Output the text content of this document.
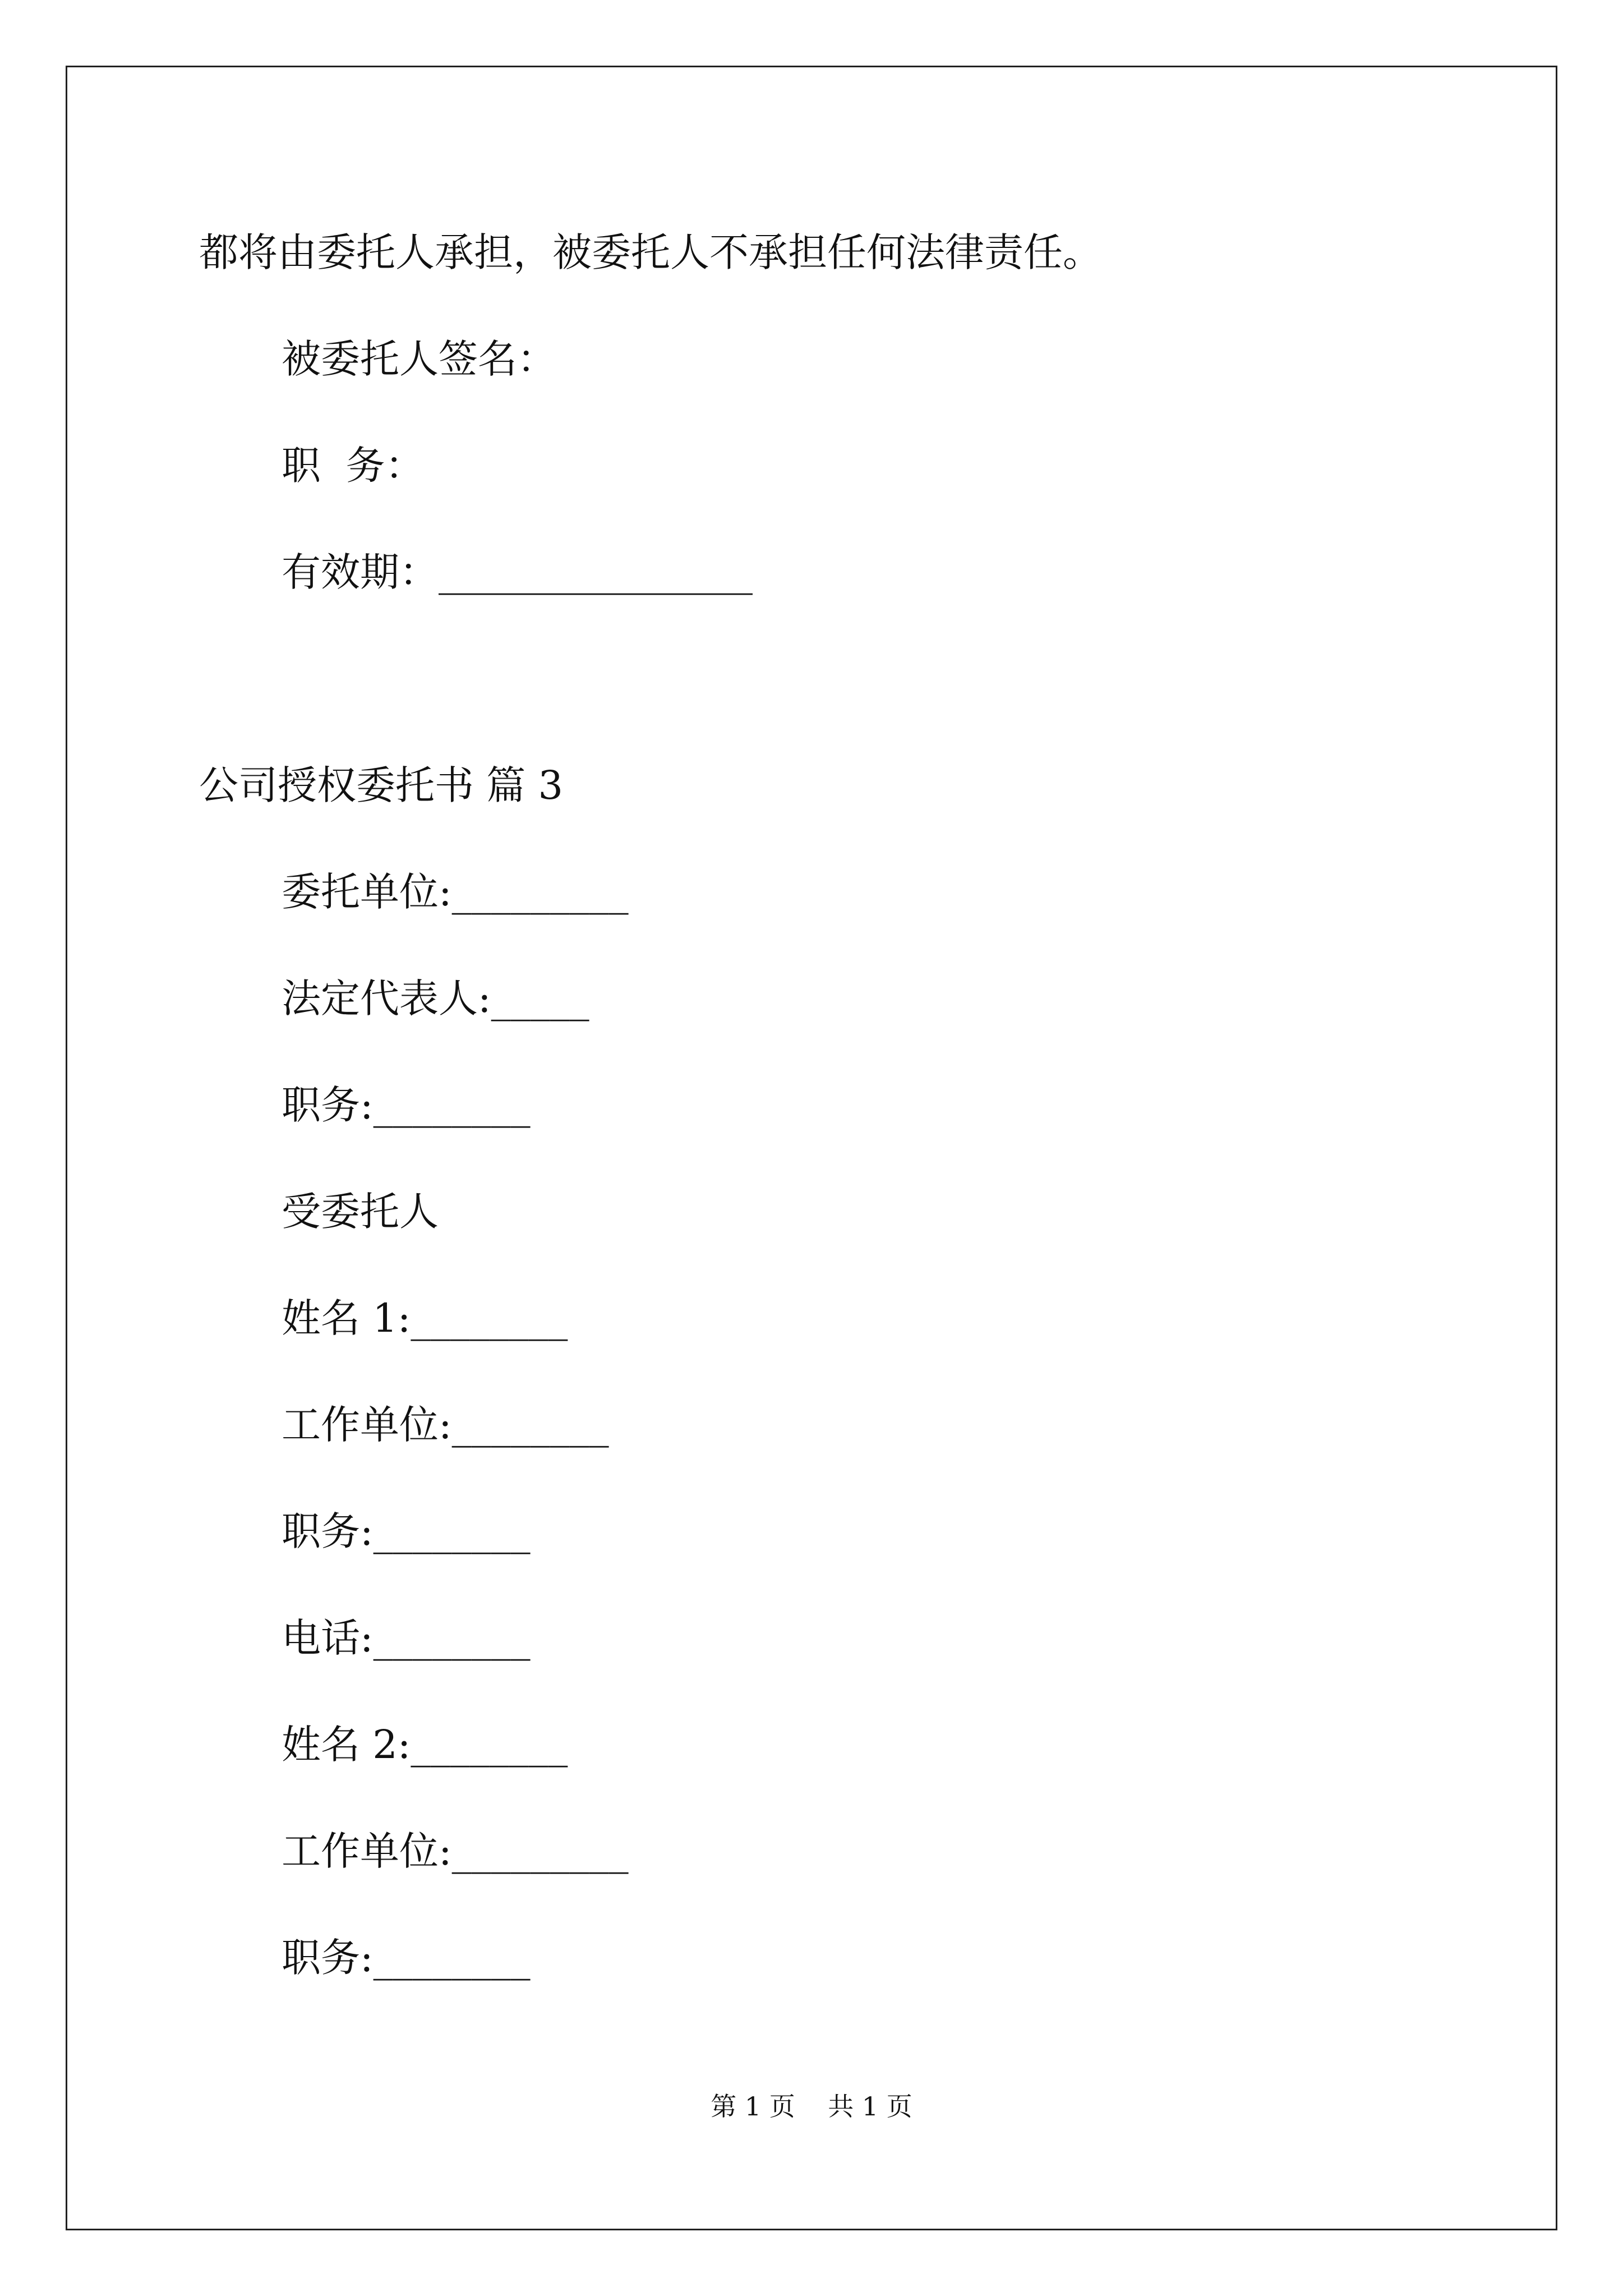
都将由委托人承担，被委托人不承担任何法律责任。
被委托人签名：
职  务：
有效期：________________
公司授权委托书 篇 3
委托单位:_________
法定代表人:_____
职务:________
受委托人
姓名 1:________
工作单位:________
职务:________
电话:________
姓名 2:________
工作单位:_________
职务:________
第 1 页    共 1 页
